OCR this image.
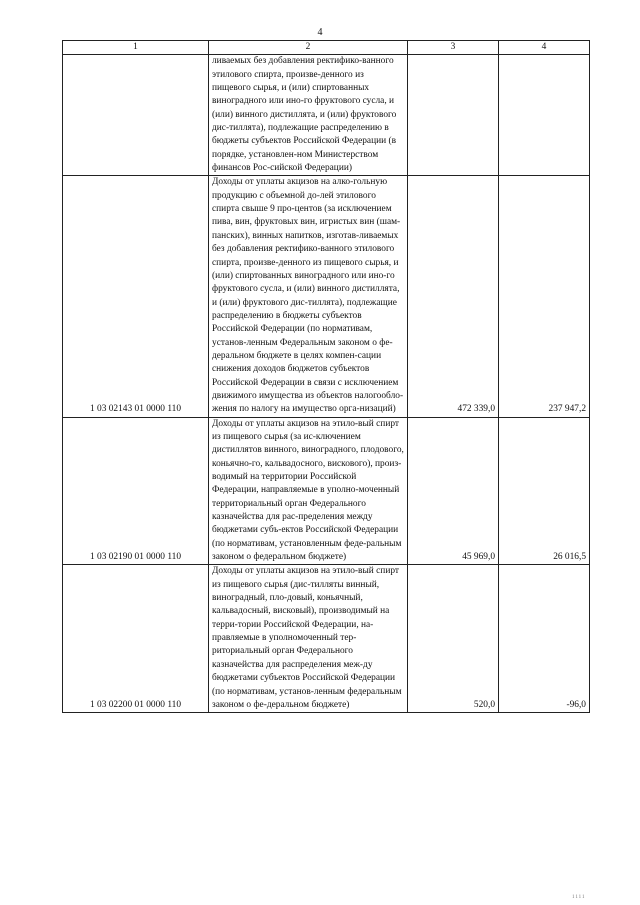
4
1	2	3	4
	ливаемых без добавления ректифико-ванного этилового спирта, произве-денного из пищевого сырья, и (или) спиртованных виноградного или ино-го фруктового сусла, и (или) винного дистиллята, и (или) фруктового дис-тиллята), подлежащие распределению в бюджеты субъектов Российской Федерации (в порядке, установлен-ном Министерством финансов Рос-сийской Федерации)		
1 03 02143 01 0000 110	Доходы от уплаты акцизов на алко-гольную продукцию с объемной до-лей этилового спирта свыше 9 про-центов (за исключением пива, вин, фруктовых вин, игристых вин (шам-панских), винных напитков, изготав-ливаемых без добавления ректифико-ванного этилового спирта, произве-денного из пищевого сырья, и (или) спиртованных виноградного или ино-го фруктового сусла, и (или) винного дистиллята, и (или) фруктового дис-тиллята), подлежащие распределению в бюджеты субъектов Российской Федерации (по нормативам, установ-ленным Федеральным законом о фе-деральном бюджете в целях компен-сации снижения доходов бюджетов субъектов Российской Федерации в связи с исключением движимого имущества из объектов налогообло-жения по налогу на имущество орга-низаций)	472 339,0	237 947,2
1 03 02190 01 0000 110	Доходы от уплаты акцизов на этило-вый спирт из пищевого сырья (за ис-ключением дистиллятов винного, виноградного, плодового, коньячно-го, кальвадосного, вискового), произ-водимый на территории Российской Федерации, направляемые в уполно-моченный территориальный орган Федерального казначейства для рас-пределения между бюджетами субъ-ектов Российской Федерации (по нормативам, установленным феде-ральным законом о федеральном бюджете)	45 969,0	26 016,5
1 03 02200 01 0000 110	Доходы от уплаты акцизов на этило-вый спирт из пищевого сырья (дис-тилляты винный, виноградный, пло-довый, коньячный, кальвадосный, висковый), производимый на терри-тории Российской Федерации, на-правляемые в уполномоченный тер-риториальный орган Федерального казначейства для распределения меж-ду бюджетами субъектов Российской Федерации (по нормативам, установ-ленным федеральным законом о фе-деральном бюджете)	520,0	-96,0
1111
